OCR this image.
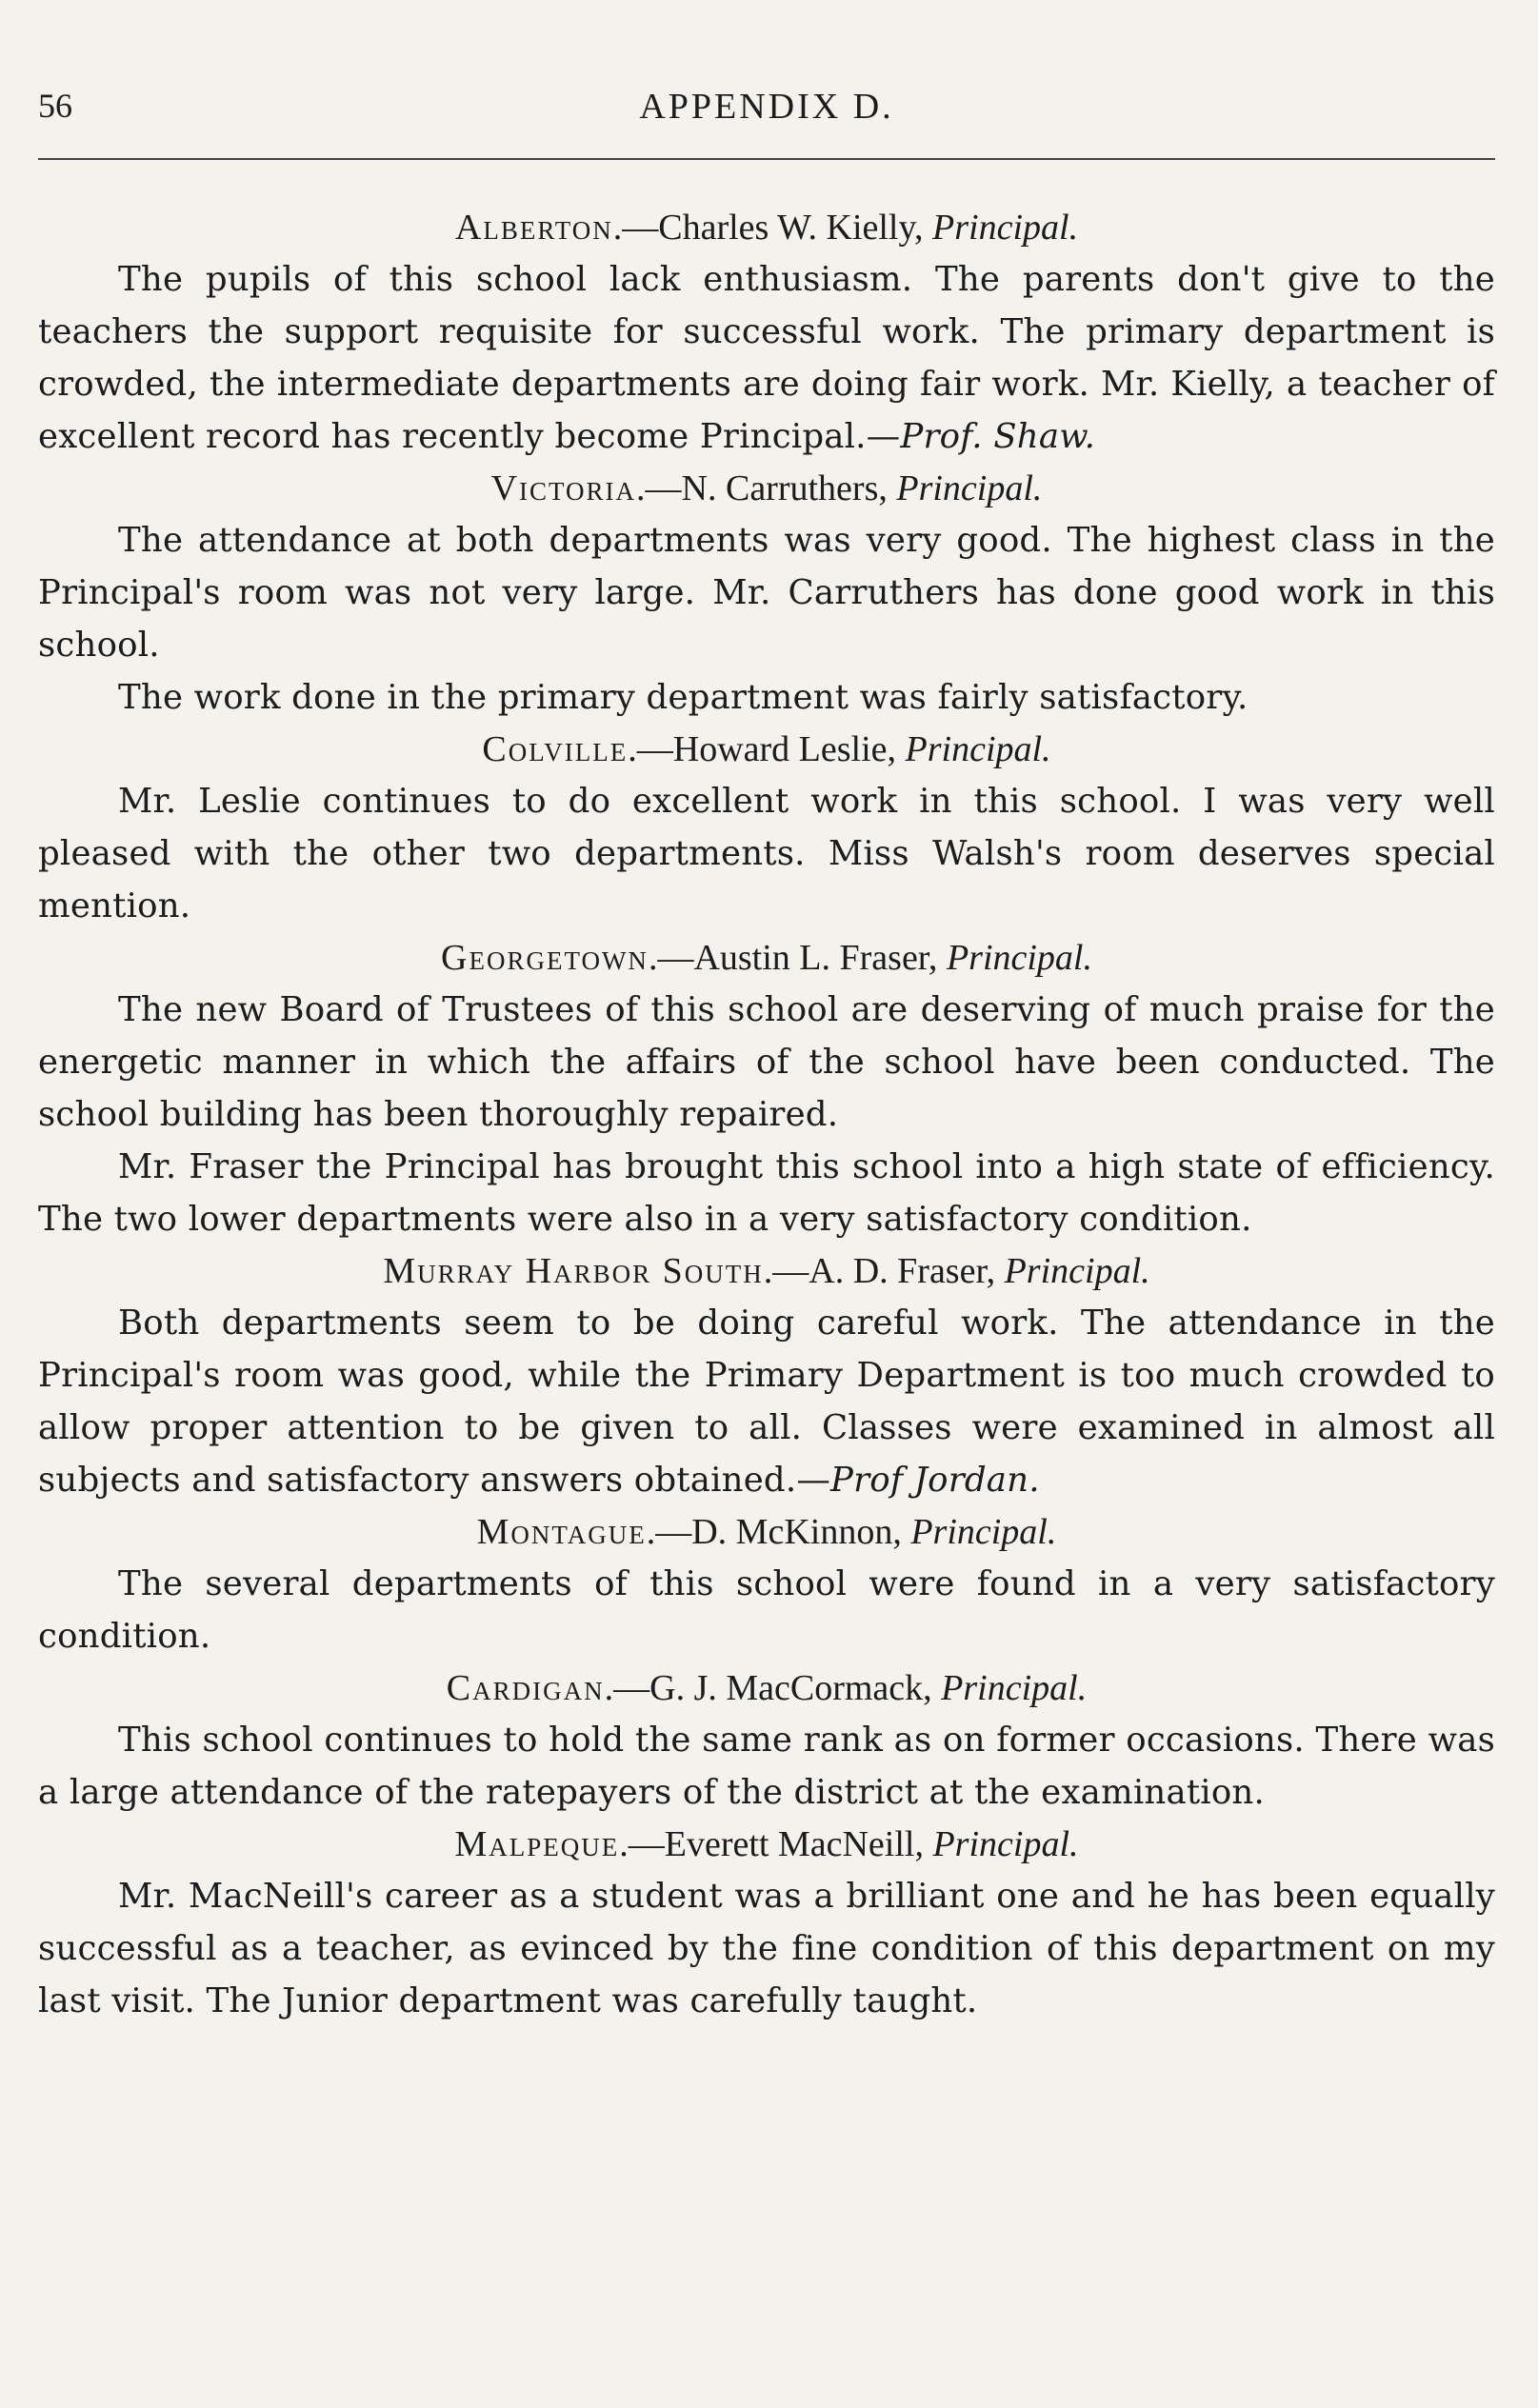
56	APPENDIX D.

Alberton.—Charles W. Kielly, Principal.

The pupils of this school lack enthusiasm. The parents don't give to the teachers the support requisite for successful work. The primary department is crowded, the intermediate departments are doing fair work. Mr. Kielly, a teacher of excellent record has recently become Principal.—Prof. Shaw.

Victoria.—N. Carruthers, Principal.

The attendance at both departments was very good. The highest class in the Principal's room was not very large. Mr. Carruthers has done good work in this school.

The work done in the primary department was fairly satisfactory.

Colville.—Howard Leslie, Principal.

Mr. Leslie continues to do excellent work in this school. I was very well pleased with the other two departments. Miss Walsh's room deserves special mention.

Georgetown.—Austin L. Fraser, Principal.

The new Board of Trustees of this school are deserving of much praise for the energetic manner in which the affairs of the school have been conducted. The school building has been thoroughly repaired.

Mr. Fraser the Principal has brought this school into a high state of efficiency. The two lower departments were also in a very satisfactory condition.

Murray Harbor South.—A. D. Fraser, Principal.

Both departments seem to be doing careful work. The attendance in the Principal's room was good, while the Primary Department is too much crowded to allow proper attention to be given to all. Classes were examined in almost all subjects and satisfactory answers obtained.—Prof Jordan.

Montague.—D. McKinnon, Principal.

The several departments of this school were found in a very satisfactory condition.

Cardigan.—G. J. MacCormack, Principal.

This school continues to hold the same rank as on former occasions. There was a large attendance of the ratepayers of the district at the examination.

Malpeque.—Everett MacNeill, Principal.

Mr. MacNeill's career as a student was a brilliant one and he has been equally successful as a teacher, as evinced by the fine condition of this department on my last visit. The Junior department was carefully taught.
